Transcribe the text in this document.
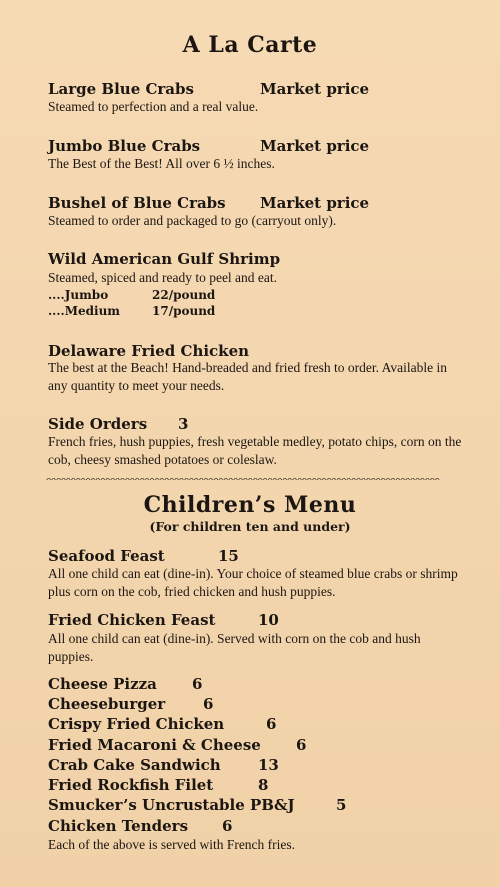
A La Carte
Large Blue Crabs	Market price
Steamed to perfection and a real value.
Jumbo Blue Crabs	Market price
The Best of the Best! All over 6 ½ inches.
Bushel of Blue Crabs Market price
Steamed to order and packaged to go (carryout only).
Wild American Gulf Shrimp
Steamed, spiced and ready to peel and eat.
....Jumbo	22/pound
....Medium	17/pound
Delaware Fried Chicken
The best at the Beach! Hand-breaded and fried fresh to order. Available in any quantity to meet your needs.
Side Orders 3
French fries, hush puppies, fresh vegetable medley, potato chips, corn on the cob, cheesy smashed potatoes or coleslaw.
^^^^^^^^^^^^^^^^^^^^^^^^^^^^^^^^^^^^^^^^^^^^^^^^^^^^^^^^^^^^^^^^^^^^^^^^^^^^^^^^
Children’s Menu
(For children ten and under)
Seafood Feast	15
All one child can eat (dine-in). Your choice of steamed blue crabs or shrimp plus corn on the cob, fried chicken and hush puppies.
Fried Chicken Feast	10
All one child can eat (dine-in). Served with corn on the cob and hush puppies.
Cheese Pizza 6
Cheeseburger	6
Crispy Fried Chicken	6
Fried Macaroni & Cheese 6
Crab Cake Sandwich 13
Fried Rockfish Filet	8
Smucker’s Uncrustable PB&J	5
Chicken Tenders 6
Each of the above is served with French fries.
